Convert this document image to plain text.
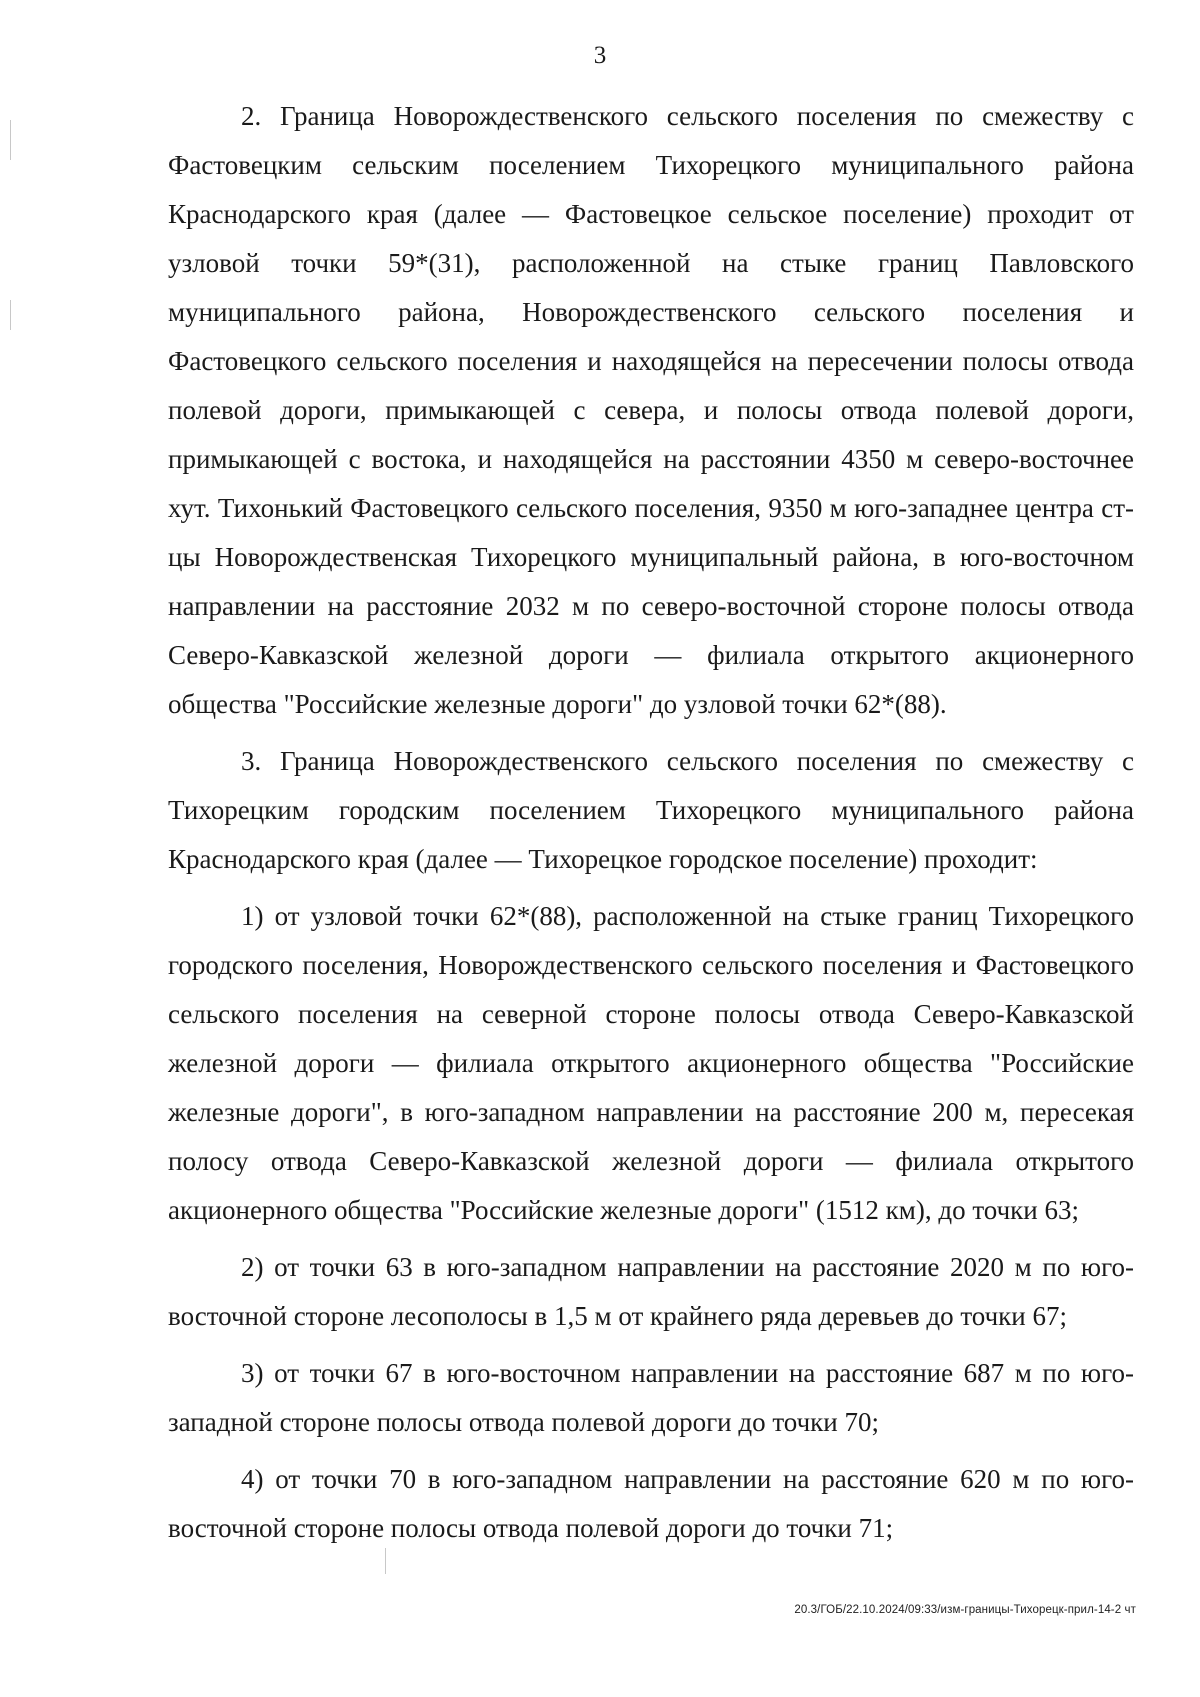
3

2. Граница Новорождественского сельского поселения по смежеству с Фастовецким сельским поселением Тихорецкого муниципального района Краснодарского края (далее — Фастовецкое сельское поселение) проходит от узловой точки 59*(31), расположенной на стыке границ Павловского муниципального района, Новорождественского сельского поселения и Фастовецкого сельского поселения и находящейся на пересечении полосы отвода полевой дороги, примыкающей с севера, и полосы отвода полевой дороги, примыкающей с востока, и находящейся на расстоянии 4350 м северо-восточнее хут. Тихонький Фастовецкого сельского поселения, 9350 м юго-западнее центра ст-цы Новорождественская Тихорецкого муниципальный района, в юго-восточном направлении на расстояние 2032 м по северо-восточной стороне полосы отвода Северо-Кавказской железной дороги — филиала открытого акционерного общества "Российские железные дороги" до узловой точки 62*(88).

3. Граница Новорождественского сельского поселения по смежеству с Тихорецким городским поселением Тихорецкого муниципального района Краснодарского края (далее — Тихорецкое городское поселение) проходит:

1) от узловой точки 62*(88), расположенной на стыке границ Тихорецкого городского поселения, Новорождественского сельского поселения и Фастовецкого сельского поселения на северной стороне полосы отвода Северо-Кавказской железной дороги — филиала открытого акционерного общества "Российские железные дороги", в юго-западном направлении на расстояние 200 м, пересекая полосу отвода Северо-Кавказской железной дороги — филиала открытого акционерного общества "Российские железные дороги" (1512 км), до точки 63;

2) от точки 63 в юго-западном направлении на расстояние 2020 м по юго-восточной стороне лесополосы в 1,5 м от крайнего ряда деревьев до точки 67;

3) от точки 67 в юго-восточном направлении на расстояние 687 м по юго-западной стороне полосы отвода полевой дороги до точки 70;

4) от точки 70 в юго-западном направлении на расстояние 620 м по юго-восточной стороне полосы отвода полевой дороги до точки 71;

20.3/ГОБ/22.10.2024/09:33/изм-границы-Тихорецк-прил-14-2 чт
